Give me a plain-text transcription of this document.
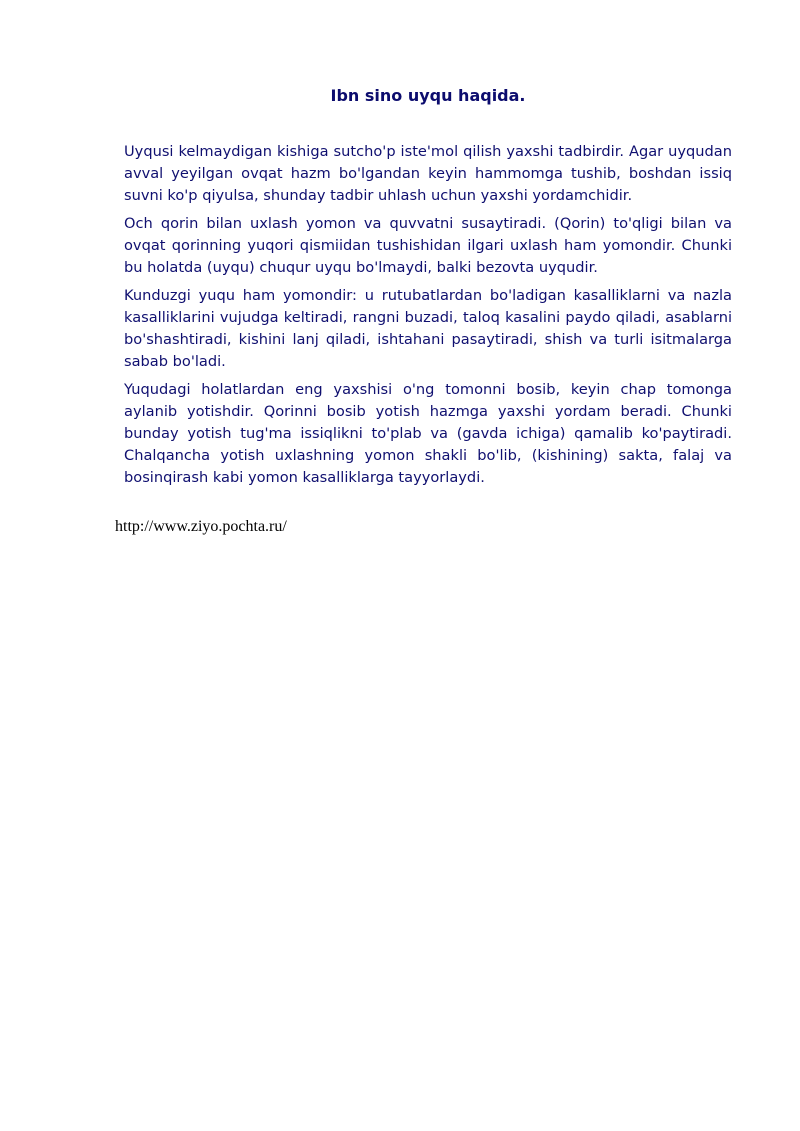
Ibn sino uyqu haqida.

Uyqusi kelmaydigan kishiga sutcho'p iste'mol qilish yaxshi tadbirdir. Agar uyqudan avval yeyilgan ovqat hazm bo'lgandan keyin hammomga tushib, boshdan issiq suvni ko'p qiyulsa, shunday tadbir uhlash uchun yaxshi yordamchidir.

Och qorin bilan uxlash yomon va quvvatni susaytiradi. (Qorin) to'qligi bilan va ovqat qorinning yuqori qismiidan tushishidan ilgari uxlash ham yomondir. Chunki bu holatda (uyqu) chuqur uyqu bo'lmaydi, balki bezovta uyqudir.

Kunduzgi yuqu ham yomondir: u rutubatlardan bo'ladigan kasalliklarni va nazla kasalliklarini vujudga keltiradi, rangni buzadi, taloq kasalini paydo qiladi, asablarni bo'shashtiradi, kishini lanj qiladi, ishtahani pasaytiradi, shish va turli isitmalarga sabab bo'ladi.

Yuqudagi holatlardan eng yaxshisi o'ng tomonni bosib, keyin chap tomonga aylanib yotishdir. Qorinni bosib yotish hazmga yaxshi yordam beradi. Chunki bunday yotish tug'ma issiqlikni to'plab va (gavda ichiga) qamalib ko'paytiradi. Chalqancha yotish uxlashning yomon shakli bo'lib, (kishining) sakta, falaj va bosinqirash kabi yomon kasalliklarga tayyorlaydi.

http://www.ziyo.pochta.ru/
